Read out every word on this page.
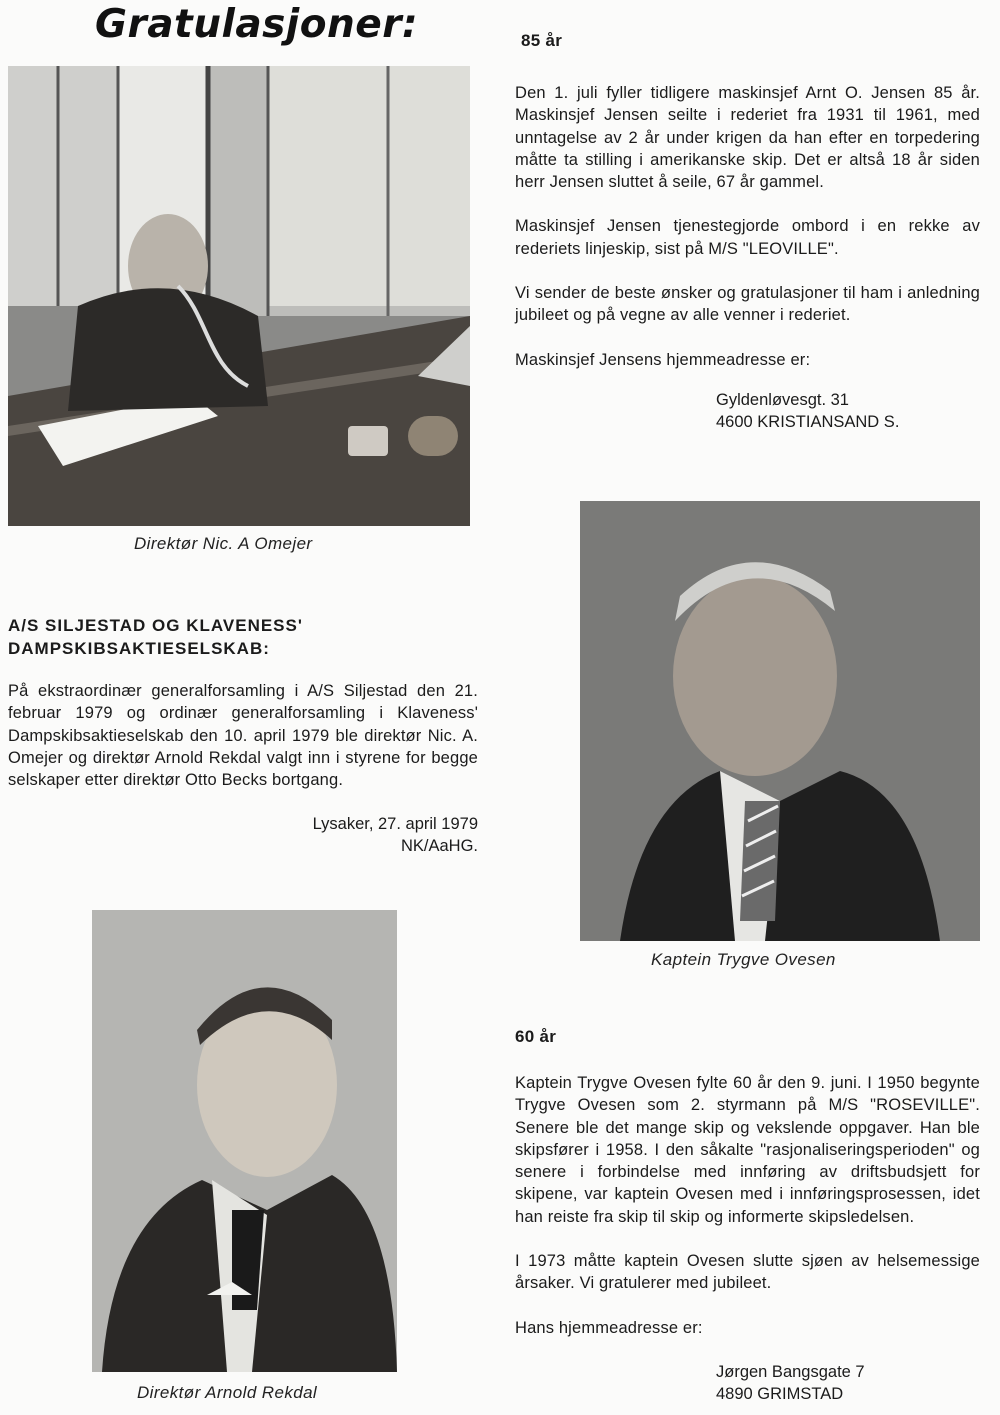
Gratulasjoner:
Direktør Nic. A Omejer
85 år

Den 1. juli fyller tidligere maskinsjef Arnt O. Jensen 85 år. Maskinsjef Jensen seilte i rederiet fra 1931 til 1961, med unntagelse av 2 år under krigen da han efter en torpedering måtte ta stilling i amerikanske skip. Det er altså 18 år siden herr Jensen sluttet å seile, 67 år gammel.

Maskinsjef Jensen tjenestegjorde ombord i en rekke av rederiets linjeskip, sist på M/S "LEOVILLE".

Vi sender de beste ønsker og gratulasjoner til ham i anledning jubileet og på vegne av alle venner i rederiet.

Maskinsjef Jensens hjemmeadresse er:

Gyldenløvesgt. 31
4600 KRISTIANSAND S.
Kaptein Trygve Ovesen
A/S SILJESTAD OG KLAVENESS'
DAMPSKIBSAKTIESELSKAB:
På ekstraordinær generalforsamling i A/S Siljestad den 21. februar 1979 og ordinær generalforsamling i Klaveness' Dampskibsaktieselskab den 10. april 1979 ble direktør Nic. A. Omejer og direktør Arnold Rekdal valgt inn i styrene for begge selskaper etter direktør Otto Becks bortgang.
Lysaker, 27. april 1979
NK/AaHG.
Direktør Arnold Rekdal
60 år

Kaptein Trygve Ovesen fylte 60 år den 9. juni. I 1950 begynte Trygve Ovesen som 2. styrmann på M/S "ROSEVILLE". Senere ble det mange skip og vekslende oppgaver. Han ble skipsfører i 1958. I den såkalte "rasjonaliseringsperioden" og senere i forbindelse med innføring av driftsbudsjett for skipene, var kaptein Ovesen med i innføringsprosessen, idet han reiste fra skip til skip og informerte skipsledelsen.

I 1973 måtte kaptein Ovesen slutte sjøen av helsemessige årsaker. Vi gratulerer med jubileet.

Hans hjemmeadresse er:

Jørgen Bangsgate 7
4890 GRIMSTAD
